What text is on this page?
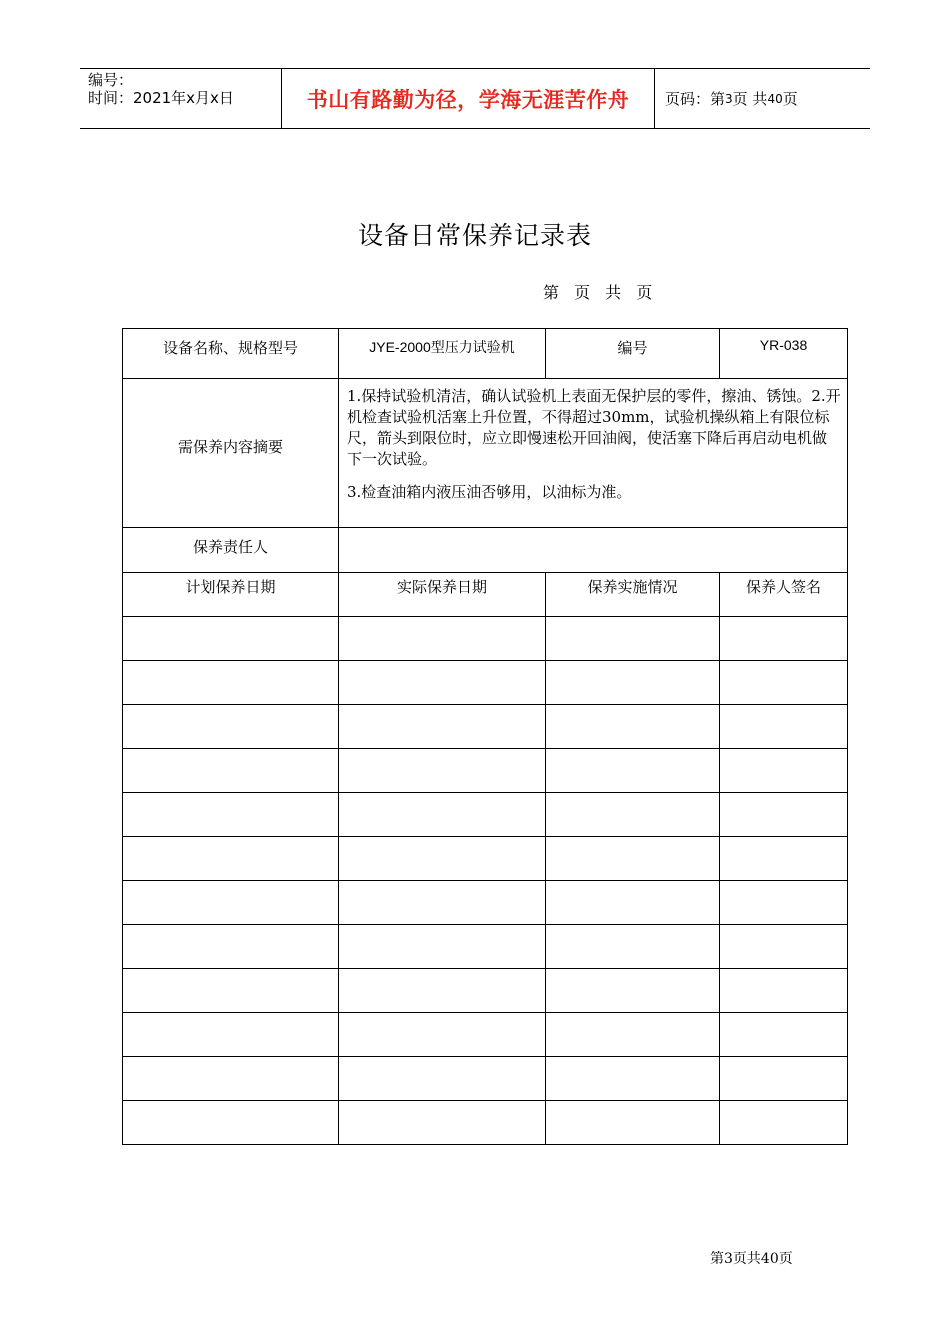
编号：
时间：2021年x月x日	书山有路勤为径，学海无涯苦作舟 页码：第 3 页 共 40 页
设备日常保养记录表
第 页 共 页
设备名称、规格型号	JYE-2000型压力试验机	编号	YR-038
需保养内容摘要	1.保持试验机清洁，确认试验机上表面无保护层的零件，擦油、锈蚀。2.开机检查试验机活塞上升位置，不得超过30mm，试验机操纵箱上有限位标尺，箭头到限位时，应立即慢速松开回油阀，使活塞下降后再启动电机做下一次试验。

3.检查油箱内液压油否够用，以油标为准。		

保养责任人			
计划保养日期	实际保养日期	保养实施情况	保养人签名

第3页共40页
